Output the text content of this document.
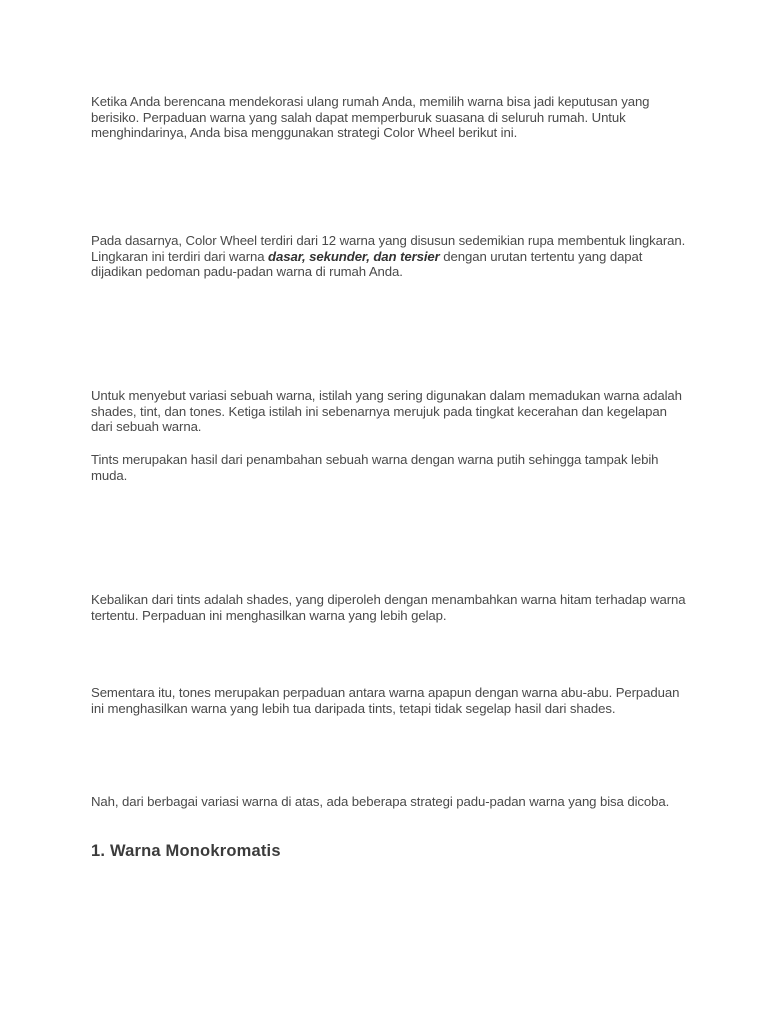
Ketika Anda berencana mendekorasi ulang rumah Anda, memilih warna bisa jadi keputusan yang berisiko. Perpaduan warna yang salah dapat memperburuk suasana di seluruh rumah. Untuk menghindarinya, Anda bisa menggunakan strategi Color Wheel berikut ini.

Pada dasarnya, Color Wheel terdiri dari 12 warna yang disusun sedemikian rupa membentuk lingkaran. Lingkaran ini terdiri dari warna dasar, sekunder, dan tersier dengan urutan tertentu yang dapat dijadikan pedoman padu-padan warna di rumah Anda.

Untuk menyebut variasi sebuah warna, istilah yang sering digunakan dalam memadukan warna adalah shades, tint, dan tones. Ketiga istilah ini sebenarnya merujuk pada tingkat kecerahan dan kegelapan dari sebuah warna.

Tints merupakan hasil dari penambahan sebuah warna dengan warna putih sehingga tampak lebih muda.

Kebalikan dari tints adalah shades, yang diperoleh dengan menambahkan warna hitam terhadap warna tertentu. Perpaduan ini menghasilkan warna yang lebih gelap.

Sementara itu, tones merupakan perpaduan antara warna apapun dengan warna abu-abu. Perpaduan ini menghasilkan warna yang lebih tua daripada tints, tetapi tidak segelap hasil dari shades.

Nah, dari berbagai variasi warna di atas, ada beberapa strategi padu-padan warna yang bisa dicoba.

1. Warna Monokromatis
